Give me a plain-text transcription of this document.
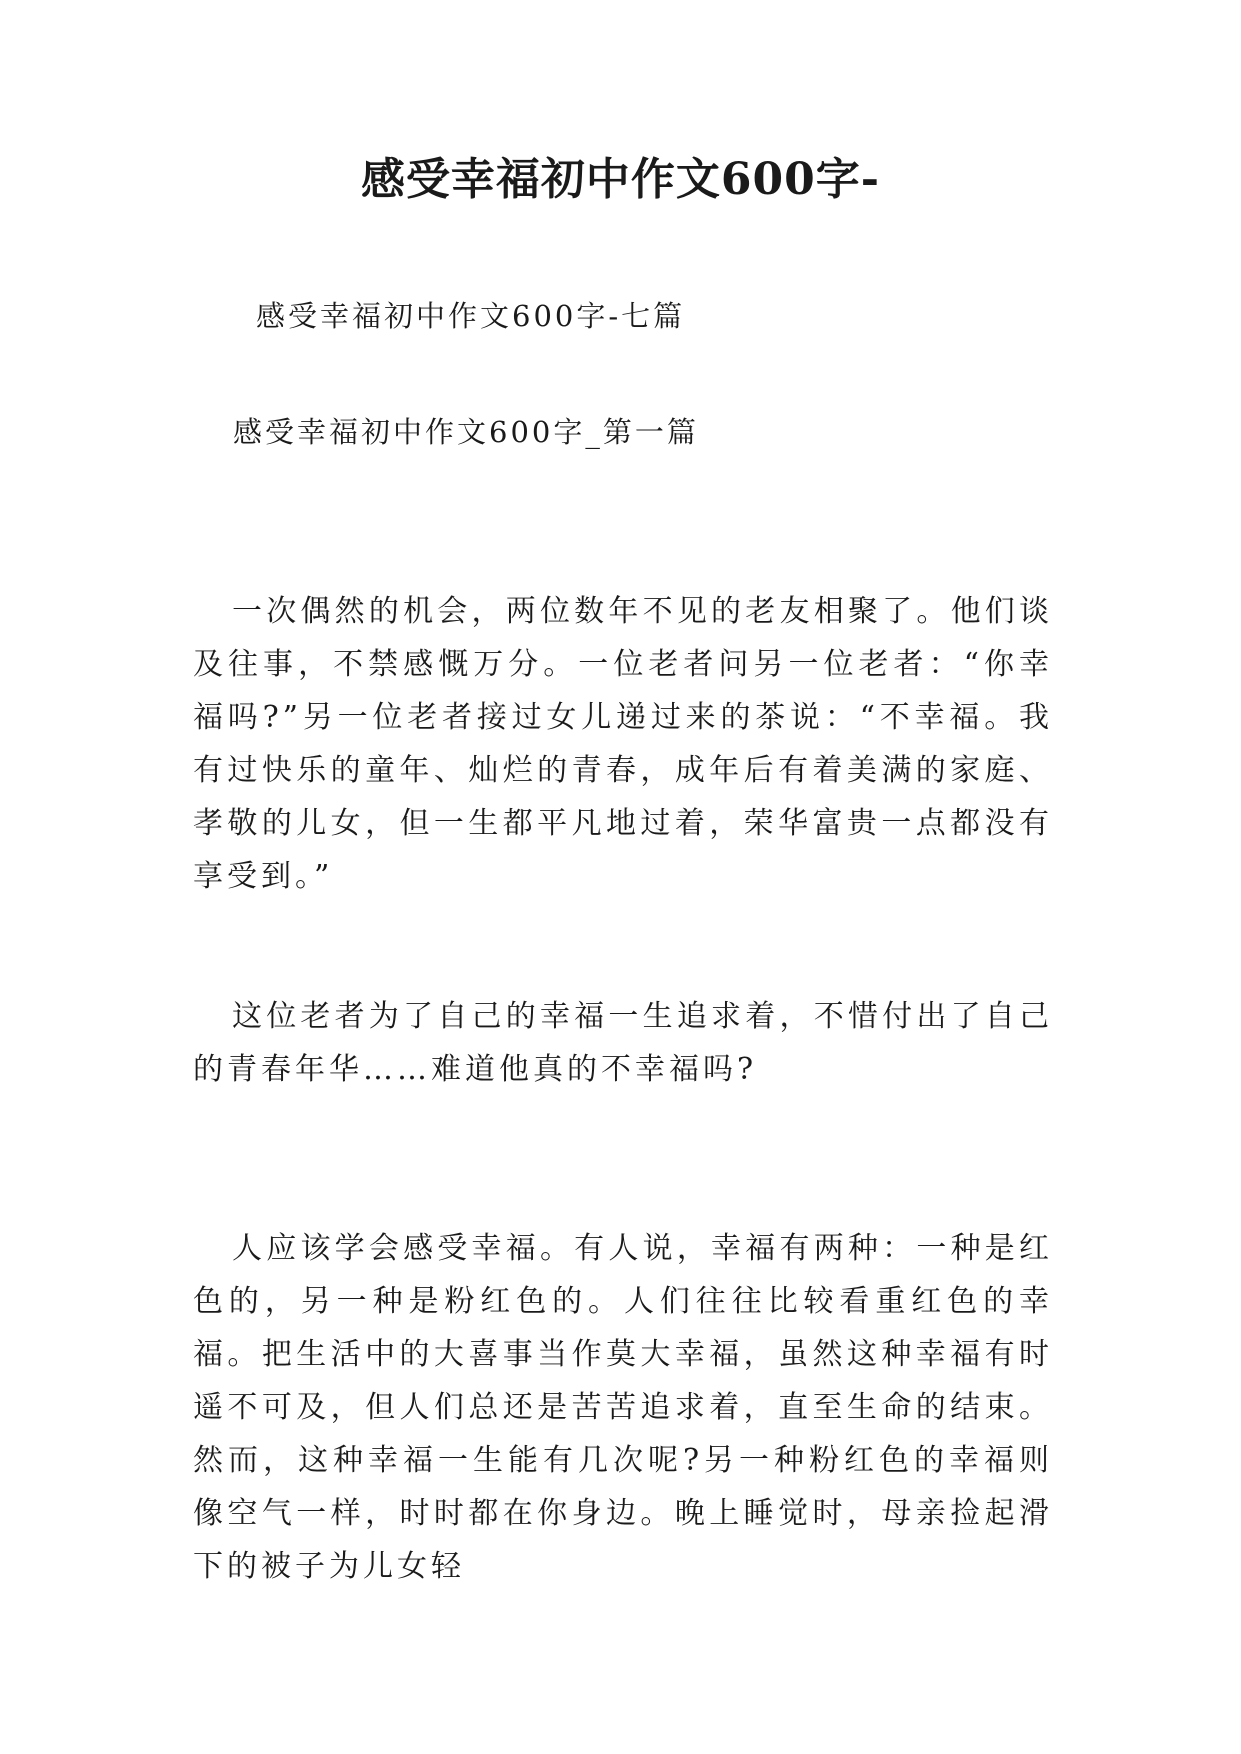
感受幸福初中作文600字-

感受幸福初中作文600字-七篇

感受幸福初中作文600字_第一篇

一次偶然的机会，两位数年不见的老友相聚了。他们谈及往事，不禁感慨万分。一位老者问另一位老者：“你幸福吗?”另一位老者接过女儿递过来的茶说：“不幸福。我有过快乐的童年、灿烂的青春，成年后有着美满的家庭、孝敬的儿女，但一生都平凡地过着，荣华富贵一点都没有享受到。”

这位老者为了自己的幸福一生追求着，不惜付出了自己的青春年华……难道他真的不幸福吗?

人应该学会感受幸福。有人说，幸福有两种：一种是红色的，另一种是粉红色的。人们往往比较看重红色的幸福。把生活中的大喜事当作莫大幸福，虽然这种幸福有时遥不可及，但人们总还是苦苦追求着，直至生命的结束。然而，这种幸福一生能有几次呢?另一种粉红色的幸福则像空气一样，时时都在你身边。晚上睡觉时，母亲捡起滑下的被子为儿女轻
